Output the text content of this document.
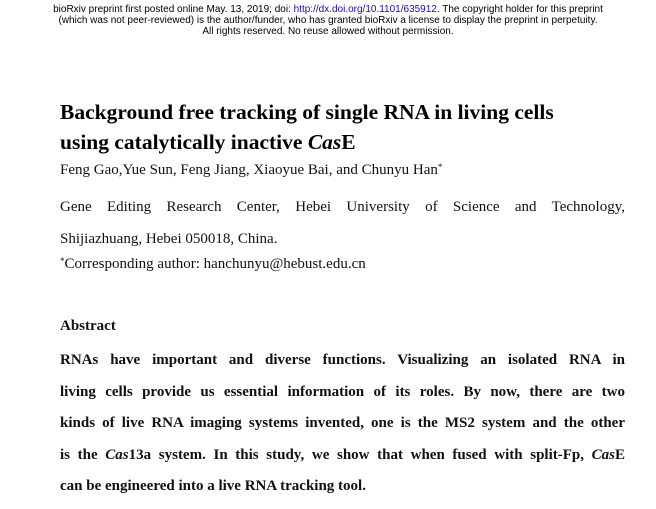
bioRxiv preprint first posted online May. 13, 2019; doi: http://dx.doi.org/10.1101/635912. The copyright holder for this preprint
(which was not peer-reviewed) is the author/funder, who has granted bioRxiv a license to display the preprint in perpetuity.
All rights reserved. No reuse allowed without permission.
Background free tracking of single RNA in living cells
using catalytically inactive CasE
Feng Gao,Yue Sun, Feng Jiang, Xiaoyue Bai, and Chunyu Han*
Gene Editing Research Center, Hebei University of Science and Technology,
Shijiazhuang, Hebei 050018, China.
*Corresponding author: hanchunyu@hebust.edu.cn
Abstract
RNAs have important and diverse functions. Visualizing an isolated RNA in
living cells provide us essential information of its roles. By now, there are two
kinds of live RNA imaging systems invented, one is the MS2 system and the other
is the Cas13a system. In this study, we show that when fused with split-Fp, CasE
can be engineered into a live RNA tracking tool.
